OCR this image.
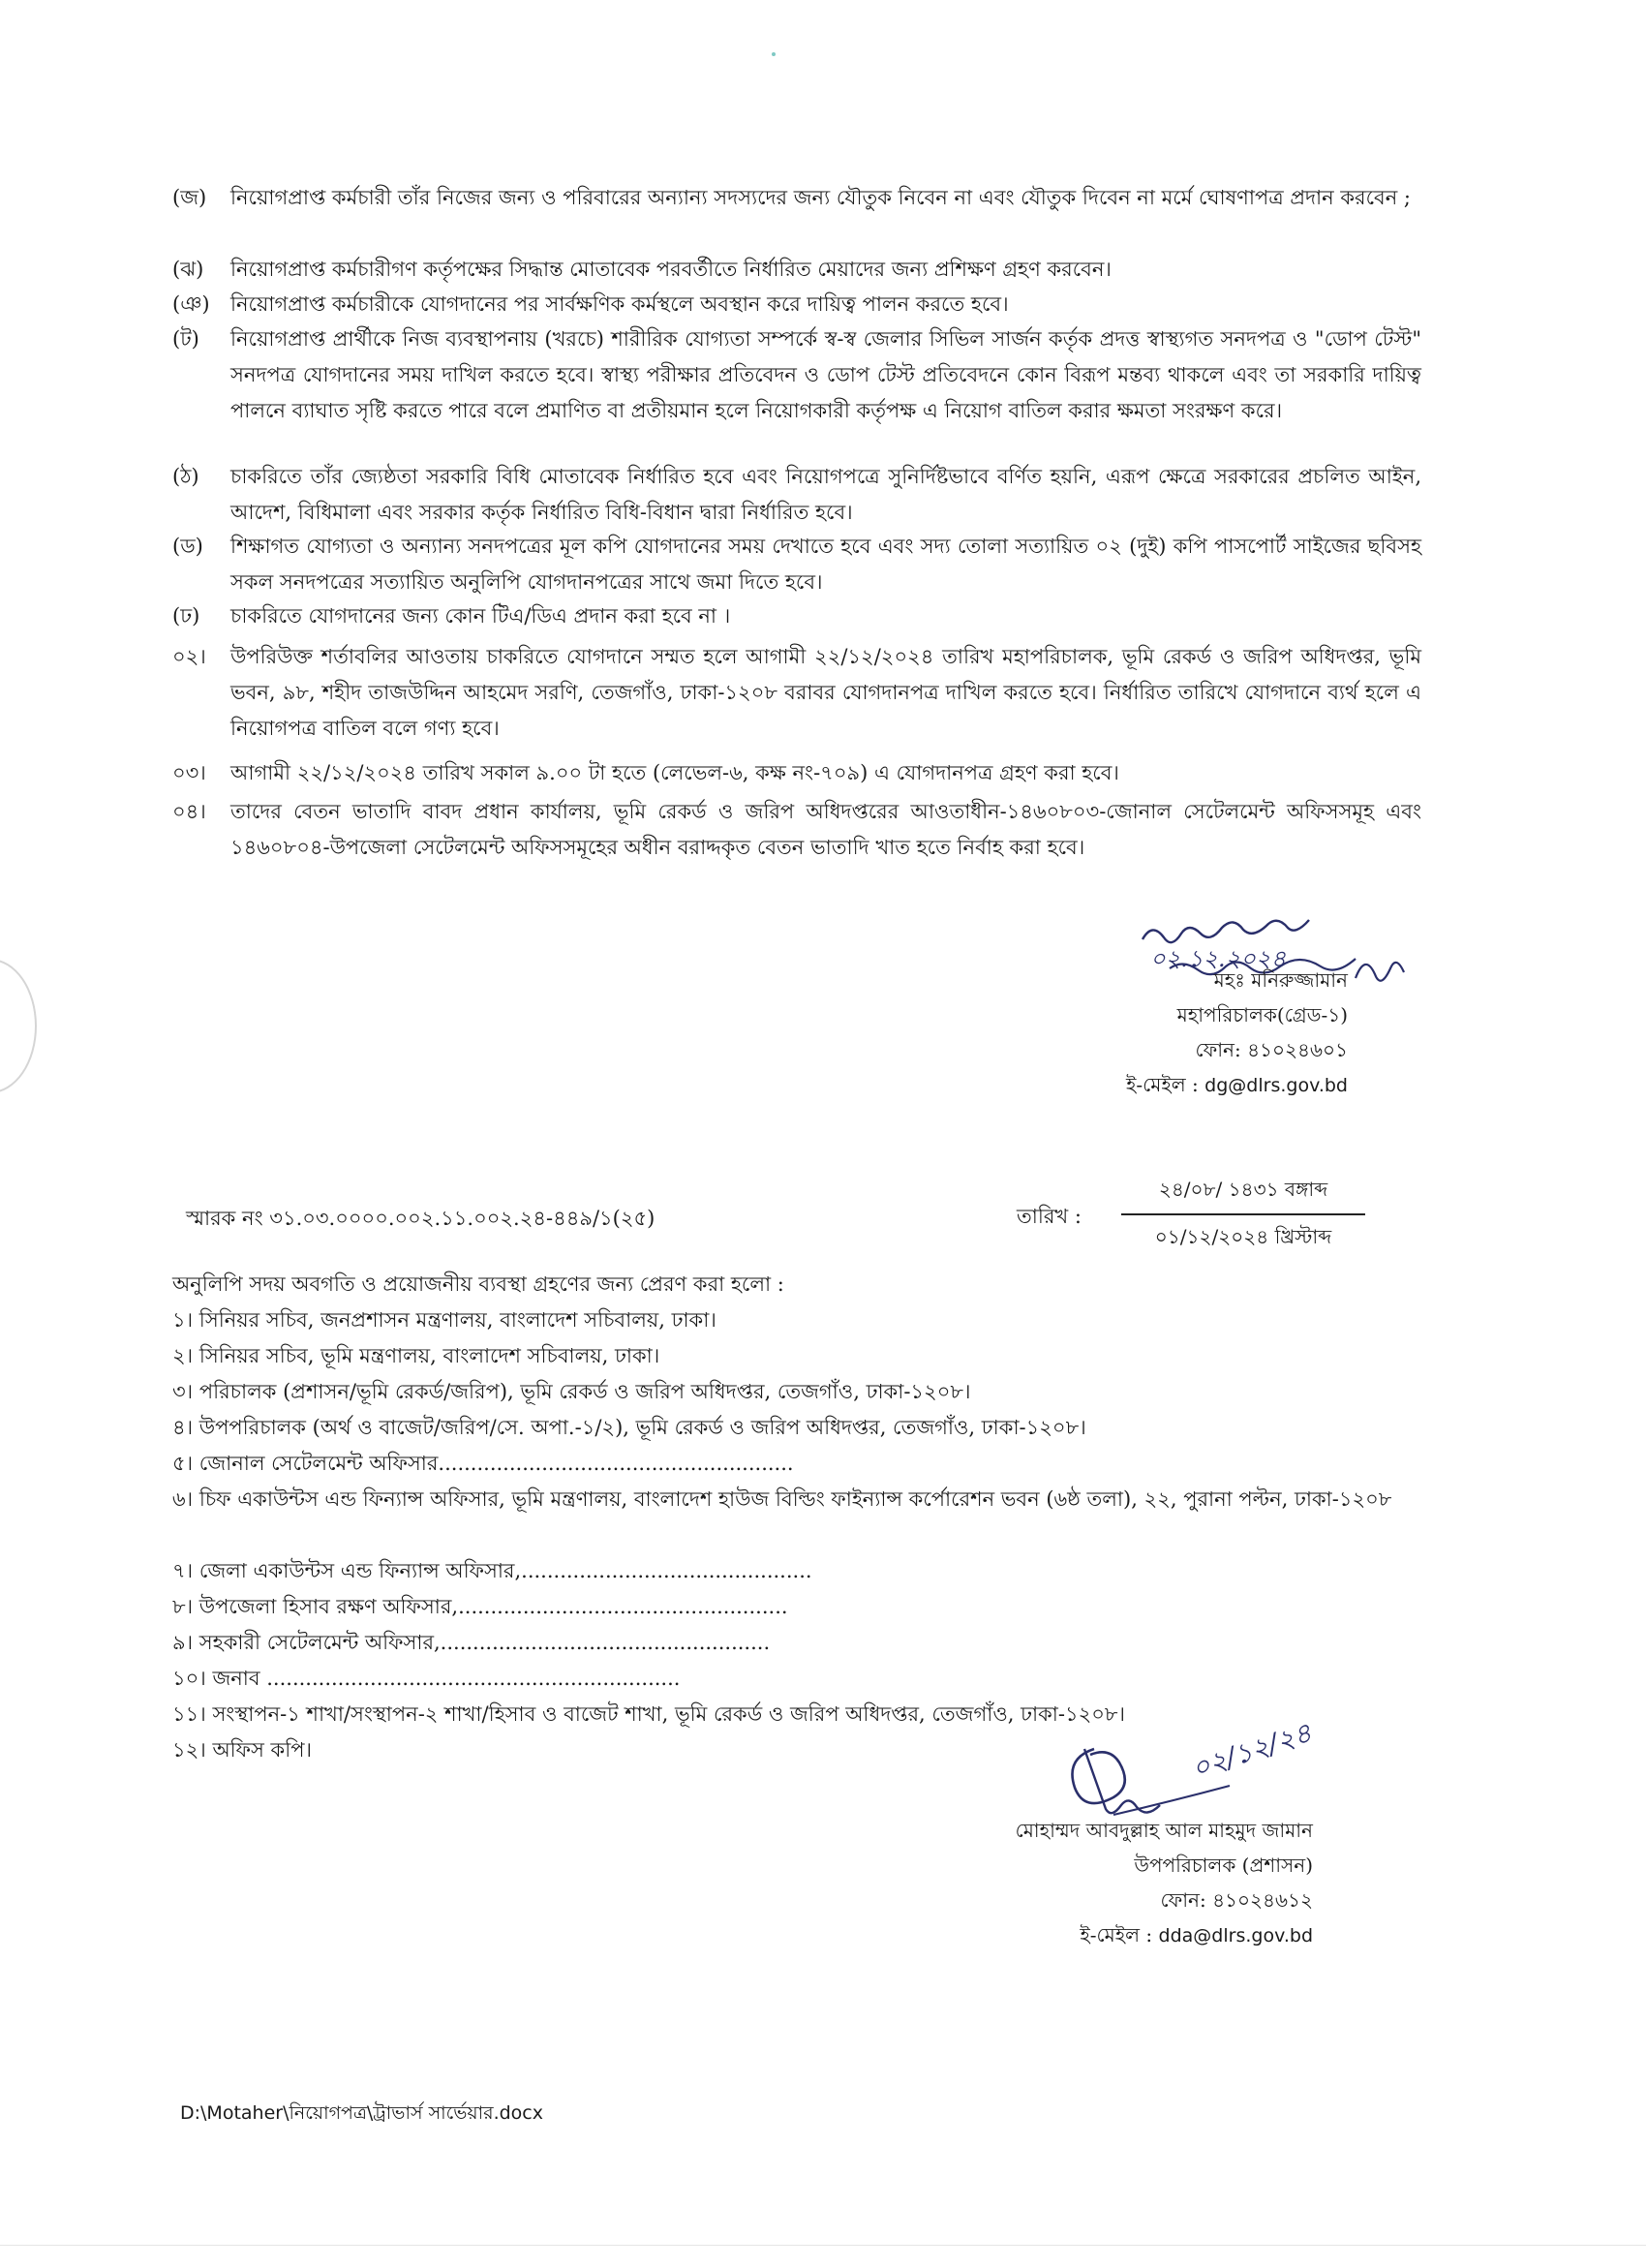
(জ)	নিয়োগপ্রাপ্ত কর্মচারী তাঁর নিজের জন্য ও পরিবারের অন্যান্য সদস্যদের জন্য যৌতুক নিবেন না এবং যৌতুক দিবেন না মর্মে ঘোষণাপত্র প্রদান করবেন ;
(ঝ)	নিয়োগপ্রাপ্ত কর্মচারীগণ কর্তৃপক্ষের সিদ্ধান্ত মোতাবেক পরবর্তীতে নির্ধারিত মেয়াদের জন্য প্রশিক্ষণ গ্রহণ করবেন।
(ঞ)	নিয়োগপ্রাপ্ত কর্মচারীকে যোগদানের পর সার্বক্ষণিক কর্মস্থলে অবস্থান করে দায়িত্ব পালন করতে হবে।
(ট)	নিয়োগপ্রাপ্ত প্রার্থীকে নিজ ব্যবস্থাপনায় (খরচে) শারীরিক যোগ্যতা সম্পর্কে স্ব-স্ব জেলার সিভিল সার্জন কর্তৃক প্রদত্ত স্বাস্থ্যগত সনদপত্র ও "ডোপ টেস্ট" সনদপত্র যোগদানের সময় দাখিল করতে হবে। স্বাস্থ্য পরীক্ষার প্রতিবেদন ও ডোপ টেস্ট প্রতিবেদনে কোন বিরূপ মন্তব্য থাকলে এবং তা সরকারি দায়িত্ব পালনে ব্যাঘাত সৃষ্টি করতে পারে বলে প্রমাণিত বা প্রতীয়মান হলে নিয়োগকারী কর্তৃপক্ষ এ নিয়োগ বাতিল করার ক্ষমতা সংরক্ষণ করে।
(ঠ)	চাকরিতে তাঁর জ্যেষ্ঠতা সরকারি বিধি মোতাবেক নির্ধারিত হবে এবং নিয়োগপত্রে সুনির্দিষ্টভাবে বর্ণিত হয়নি, এরূপ ক্ষেত্রে সরকারের প্রচলিত আইন, আদেশ, বিধিমালা এবং সরকার কর্তৃক নির্ধারিত বিধি-বিধান দ্বারা নির্ধারিত হবে।
(ড)	শিক্ষাগত যোগ্যতা ও অন্যান্য সনদপত্রের মূল কপি যোগদানের সময় দেখাতে হবে এবং সদ্য তোলা সত্যায়িত ০২ (দুই) কপি পাসপোর্ট সাইজের ছবিসহ সকল সনদপত্রের সত্যায়িত অনুলিপি যোগদানপত্রের সাথে জমা দিতে হবে।
(ঢ)	চাকরিতে যোগদানের জন্য কোন টিএ/ডিএ প্রদান করা হবে না ।
০২।	উপরিউক্ত শর্তাবলির আওতায় চাকরিতে যোগদানে সম্মত হলে আগামী ২২/১২/২০২৪ তারিখ মহাপরিচালক, ভূমি রেকর্ড ও জরিপ অধিদপ্তর, ভূমি ভবন, ৯৮, শহীদ তাজউদ্দিন আহমেদ সরণি, তেজগাঁও, ঢাকা-১২০৮ বরাবর যোগদানপত্র দাখিল করতে হবে। নির্ধারিত তারিখে যোগদানে ব্যর্থ হলে এ নিয়োগপত্র বাতিল বলে গণ্য হবে।
০৩।	আগামী ২২/১২/২০২৪ তারিখ সকাল ৯.০০ টা হতে (লেভেল-৬, কক্ষ নং-৭০৯) এ যোগদানপত্র গ্রহণ করা হবে।
০৪।	তাদের বেতন ভাতাদি বাবদ প্রধান কার্যালয়, ভূমি রেকর্ড ও জরিপ অধিদপ্তরের আওতাধীন-১৪৬০৮০৩-জোনাল সেটেলমেন্ট অফিসসমূহ এবং ১৪৬০৮০৪-উপজেলা সেটেলমেন্ট অফিসসমূহের অধীন বরাদ্দকৃত বেতন ভাতাদি খাত হতে নির্বাহ করা হবে।
মহঃ মনিরুজ্জামান
মহাপরিচালক(গ্রেড-১)
ফোন: ৪১০২৪৬০১
ই-মেইল : dg@dlrs.gov.bd
০২.১২.২০২৪
স্মারক নং ৩১.০৩.০০০০.০০২.১১.০০২.২৪-৪৪৯/১(২৫)	তারিখ :
২৪/০৮/ ১৪৩১ বঙ্গাব্দ
০১/১২/২০২৪ খ্রিস্টাব্দ
অনুলিপি সদয় অবগতি ও প্রয়োজনীয় ব্যবস্থা গ্রহণের জন্য প্রেরণ করা হলো :
১। সিনিয়র সচিব, জনপ্রশাসন মন্ত্রণালয়, বাংলাদেশ সচিবালয়, ঢাকা।
২। সিনিয়র সচিব, ভূমি মন্ত্রণালয়, বাংলাদেশ সচিবালয়, ঢাকা।
৩। পরিচালক (প্রশাসন/ভূমি রেকর্ড/জরিপ), ভূমি রেকর্ড ও জরিপ অধিদপ্তর, তেজগাঁও, ঢাকা-১২০৮।
৪। উপপরিচালক (অর্থ ও বাজেট/জরিপ/সে. অপা.-১/২), ভূমি রেকর্ড ও জরিপ অধিদপ্তর, তেজগাঁও, ঢাকা-১২০৮।
৫। জোনাল সেটেলমেন্ট অফিসার.......................................................
৬। চিফ একাউন্টস এন্ড ফিন্যান্স অফিসার, ভূমি মন্ত্রণালয়, বাংলাদেশ হাউজ বিল্ডিং ফাইন্যান্স কর্পোরেশন ভবন (৬ষ্ঠ তলা), ২২, পুরানা পল্টন, ঢাকা-১২০৮
৭। জেলা একাউন্টস এন্ড ফিন্যান্স অফিসার,.............................................
৮। উপজেলা হিসাব রক্ষণ অফিসার,...................................................
৯। সহকারী সেটেলমেন্ট অফিসার,...................................................
১০। জনাব ................................................................
১১। সংস্থাপন-১ শাখা/সংস্থাপন-২ শাখা/হিসাব ও বাজেট শাখা, ভূমি রেকর্ড ও জরিপ অধিদপ্তর, তেজগাঁও, ঢাকা-১২০৮।
১২। অফিস কপি।	০২/১২/২৪
মোহাম্মদ আবদুল্লাহ আল মাহমুদ জামান
উপপরিচালক (প্রশাসন)
ফোন: ৪১০২৪৬১২
ই-মেইল : dda@dlrs.gov.bd
D:\Motaher\নিয়োগপত্র\ট্রাভার্স সার্ভেয়ার.docx
